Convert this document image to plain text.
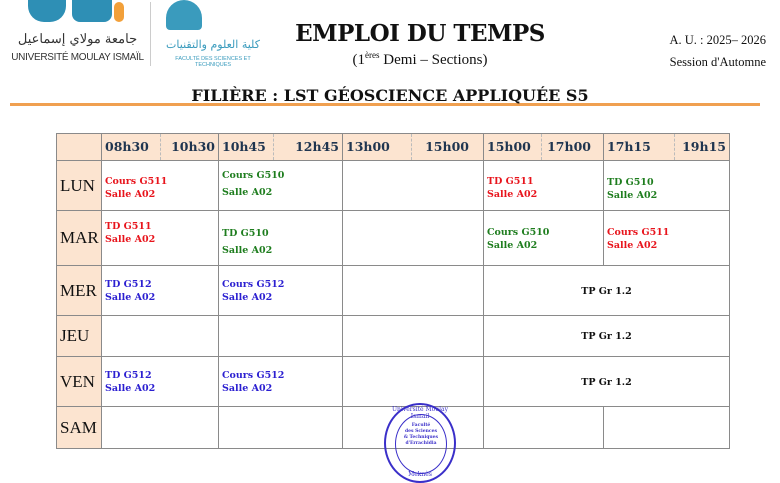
جامعة مولاي إسماعيل
UNIVERSITÉ MOULAY ISMAÏL
كلية العلوم والتقنيات
FACULTÉ DES SCIENCES ET TECHNIQUES
EMPLOI DU TEMPS
(1ères Demi – Sections)
A. U. : 2025– 2026
Session d'Automne
FILIÈRE : LST GÉOSCIENCE APPLIQUÉE S5
08h30 10h30 10h45 12h45 13h00	15h00 15h00 17h00 17h15 19h15
LUN
MAR
MER
JEU
VEN
SAM
Cours G511
Salle A02
Cours G510
Salle A02
TD G511
Salle A02
TD G510
Salle A02
TD G511
Salle A02
TD G510
Salle A02
Cours G510
Salle A02
Cours G511
Salle A02
TD G512
Salle A02
Cours G512
Salle A02
TP Gr 1.2
TP Gr 1.2
TD G512
Salle A02
Cours G512
Salle A02
TP Gr 1.2
Université Moulay Ismail
Faculté
des Sciences
& Techniques
d'Errachidia
Meknès
